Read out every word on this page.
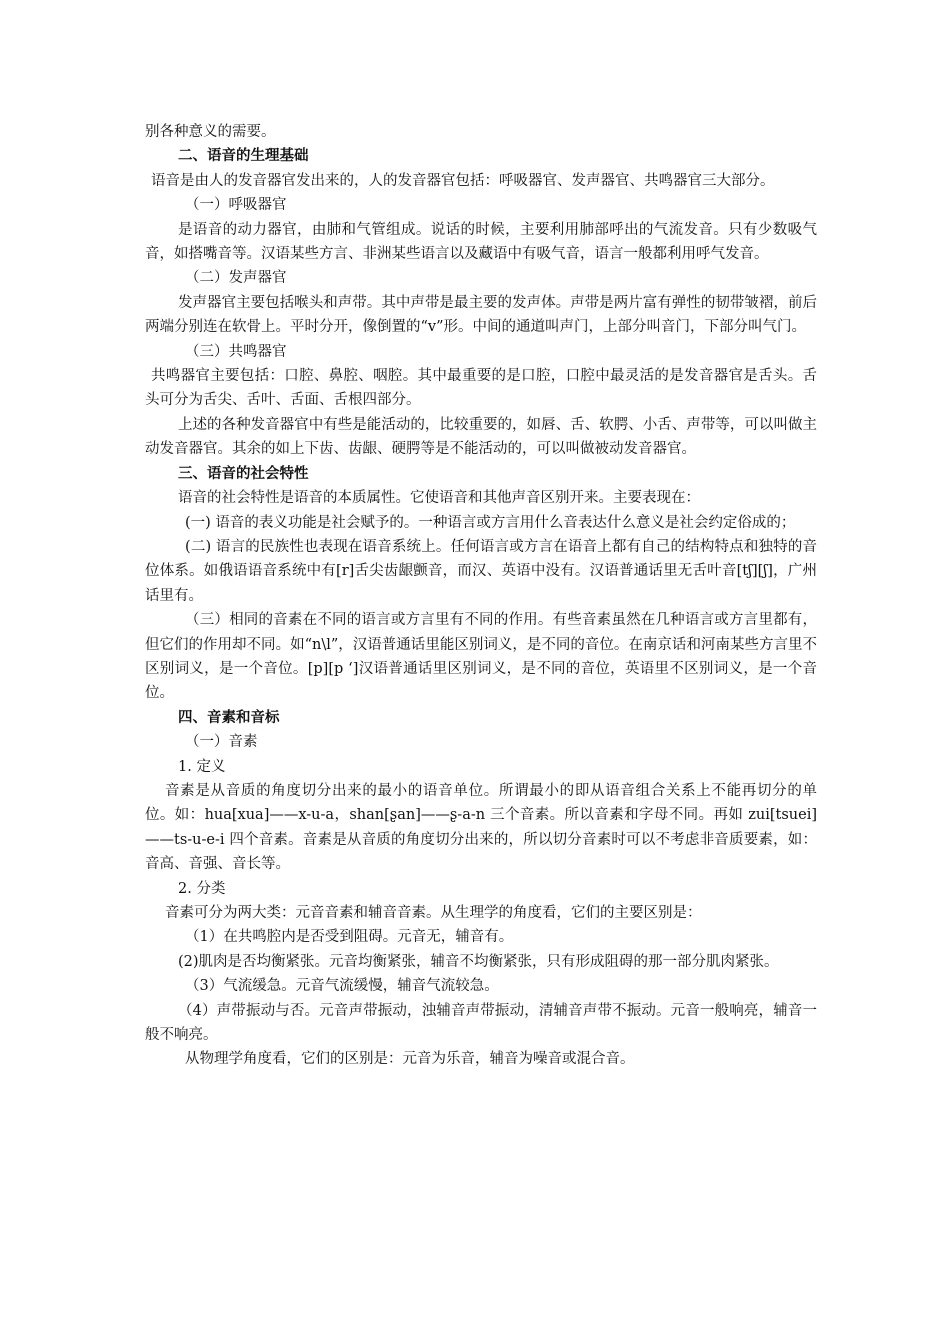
别各种意义的需要。

二、语音的生理基础

语音是由人的发音器官发出来的，人的发音器官包括：呼吸器官、发声器官、共鸣器官三大部分。

（一）呼吸器官

是语音的动力器官，由肺和气管组成。说话的时候，主要利用肺部呼出的气流发音。只有少数吸气音，如搭嘴音等。汉语某些方言、非洲某些语言以及藏语中有吸气音，语言一般都利用呼气发音。

（二）发声器官

发声器官主要包括喉头和声带。其中声带是最主要的发声体。声带是两片富有弹性的韧带皱褶，前后两端分别连在软骨上。平时分开，像倒置的“v”形。中间的通道叫声门，上部分叫音门，下部分叫气门。

（三）共鸣器官

共鸣器官主要包括：口腔、鼻腔、咽腔。其中最重要的是口腔，口腔中最灵活的是发音器官是舌头。舌头可分为舌尖、舌叶、舌面、舌根四部分。

上述的各种发音器官中有些是能活动的，比较重要的，如唇、舌、软腭、小舌、声带等，可以叫做主动发音器官。其余的如上下齿、齿龈、硬腭等是不能活动的，可以叫做被动发音器官。

三、语音的社会特性

语音的社会特性是语音的本质属性。它使语音和其他声音区别开来。主要表现在：

(一) 语音的表义功能是社会赋予的。一种语言或方言用什么音表达什么意义是社会约定俗成的；

(二) 语言的民族性也表现在语音系统上。任何语言或方言在语音上都有自己的结构特点和独特的音位体系。如俄语语音系统中有[r]舌尖齿龈颤音，而汉、英语中没有。汉语普通话里无舌叶音[tʃ][ʃ]，广州话里有。

（三）相同的音素在不同的语言或方言里有不同的作用。有些音素虽然在几种语言或方言里都有，但它们的作用却不同。如“n\l”，汉语普通话里能区别词义，是不同的音位。在南京话和河南某些方言里不区别词义，是一个音位。[p][p ‘]汉语普通话里区别词义，是不同的音位，英语里不区别词义，是一个音位。

四、音素和音标

（一）音素

1. 定义

音素是从音质的角度切分出来的最小的语音单位。所谓最小的即从语音组合关系上不能再切分的单位。如：hua[xua]——x-u-a，shan[ʂan]——ʂ-a-n 三个音素。所以音素和字母不同。再如 zui[tsuei]——ts-u-e-i 四个音素。音素是从音质的角度切分出来的，所以切分音素时可以不考虑非音质要素，如：音高、音强、音长等。

2. 分类

音素可分为两大类：元音音素和辅音音素。从生理学的角度看，它们的主要区别是：

（1）在共鸣腔内是否受到阻碍。元音无，辅音有。

(2)肌肉是否均衡紧张。元音均衡紧张，辅音不均衡紧张，只有形成阻碍的那一部分肌肉紧张。

（3）气流缓急。元音气流缓慢，辅音气流较急。

（4）声带振动与否。元音声带振动，浊辅音声带振动，清辅音声带不振动。元音一般响亮，辅音一般不响亮。

从物理学角度看，它们的区别是：元音为乐音，辅音为噪音或混合音。
